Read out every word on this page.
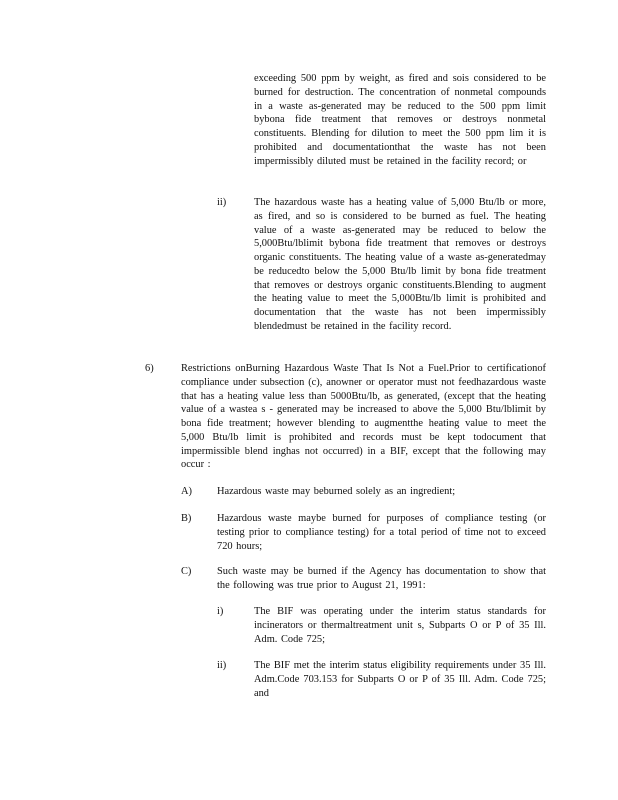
exceeding 500 ppm by weight, as fired and sois considered to be burned for destruction. The concentration of nonmetal compounds in a waste as-generated may be reduced to the 500 ppm limit bybona fide treatment that removes or destroys nonmetal constituents. Blending for dilution to meet the 500 ppm lim it is prohibited and documentationthat the waste has not been impermissibly diluted must be retained in the facility record; or
ii)	The hazardous waste has a heating value of 5,000 Btu/lb or more, as fired, and so is considered to be burned as fuel. The heating value of a waste as-generated may be reduced to below the 5,000Btu/lblimit bybona fide treatment that removes or destroys organic constituents. The heating value of a waste as-generatedmay be reducedto below the 5,000 Btu/lb limit by bona fide treatment that removes or destroys organic constituents.Blending to augment the heating value to meet the 5,000Btu/lb limit is prohibited and documentation that the waste has not been impermissibly blendedmust be retained in the facility record.
6)	Restrictions onBurning Hazardous Waste That Is Not a Fuel.Prior to certificationof compliance under subsection (c), anowner or operator must not feedhazardous waste that has a heating value less than 5000Btu/lb, as generated, (except that the heating value of a wastea s - generated may be increased to above the 5,000 Btu/lblimit by bona fide treatment; however blending to augmentthe heating value to meet the 5,000 Btu/lb limit is prohibited and records must be kept todocument that impermissible blend inghas not occurred) in a BIF, except that the following may occur :
A) Hazardous waste may beburned solely as an ingredient;
B) Hazardous waste maybe burned for purposes of compliance testing (or testing prior to compliance testing) for a total period of time not to exceed 720 hours;
C) Such waste may be burned if the Agency has documentation to show that the following was true prior to August 21, 1991:
i)	The BIF was operating under the interim status standards for incinerators or thermaltreatment unit s, Subparts O or P of 35 Ill. Adm. Code 725;
ii)	The BIF met the interim status eligibility requirements under 35 Ill. Adm.Code 703.153 for Subparts O or P of 35 Ill. Adm. Code 725; and
